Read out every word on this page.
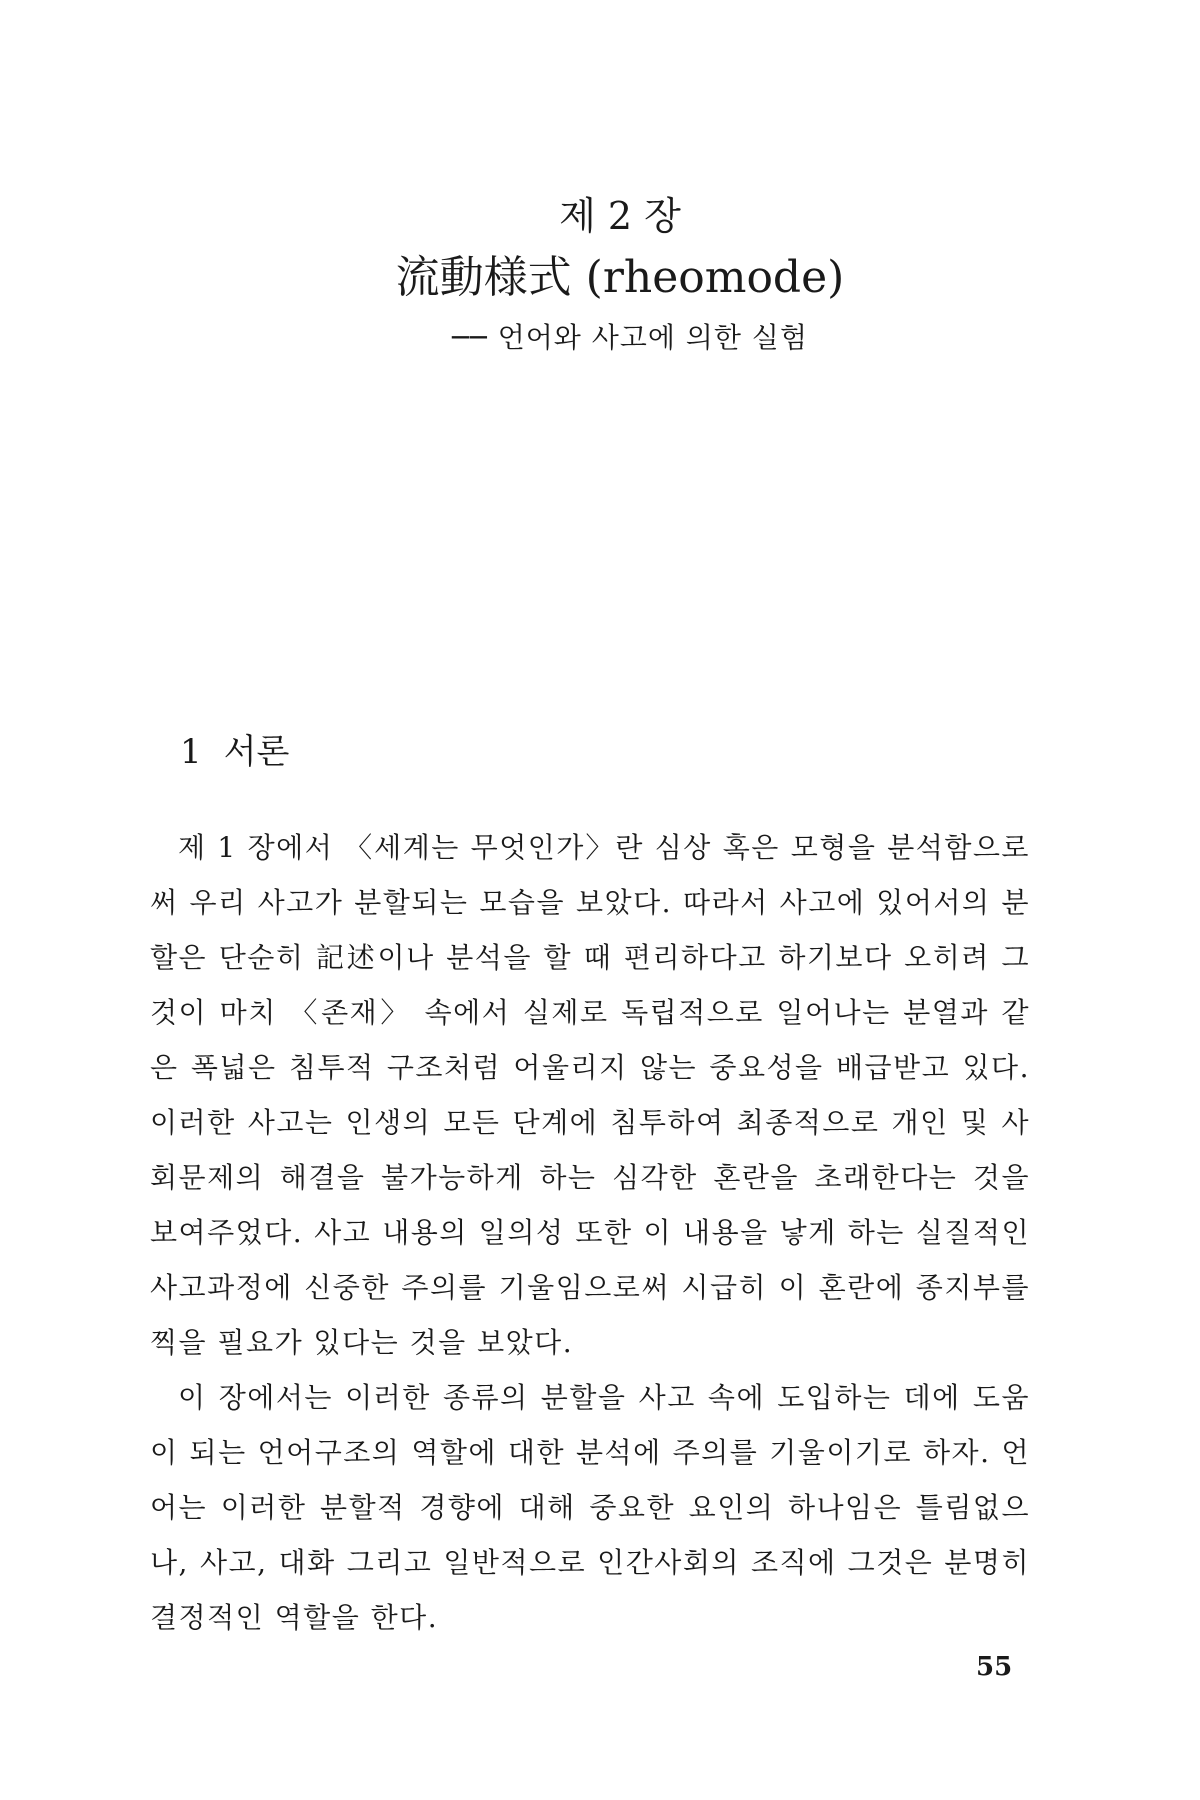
제 2 장
流動様式 (rheomode)
── 언어와 사고에 의한 실험
1 서론

제 1 장에서 〈세계는 무엇인가〉란 심상 혹은 모형을 분석함으로써 우리 사고가 분할되는 모습을 보았다. 따라서 사고에 있어서의 분할은 단순히 記述이나 분석을 할 때 편리하다고 하기보다 오히려 그것이 마치 〈존재〉 속에서 실제로 독립적으로 일어나는 분열과 같은 폭넓은 침투적 구조처럼 어울리지 않는 중요성을 배급받고 있다. 이러한 사고는 인생의 모든 단계에 침투하여 최종적으로 개인 및 사회문제의 해결을 불가능하게 하는 심각한 혼란을 초래한다는 것을 보여주었다. 사고 내용의 일의성 또한 이 내용을 낳게 하는 실질적인 사고과정에 신중한 주의를 기울임으로써 시급히 이 혼란에 종지부를 찍을 필요가 있다는 것을 보았다.

이 장에서는 이러한 종류의 분할을 사고 속에 도입하는 데에 도움이 되는 언어구조의 역할에 대한 분석에 주의를 기울이기로 하자. 언어는 이러한 분할적 경향에 대해 중요한 요인의 하나임은 틀림없으나, 사고, 대화 그리고 일반적으로 인간사회의 조직에 그것은 분명히 결정적인 역할을 한다.

55
